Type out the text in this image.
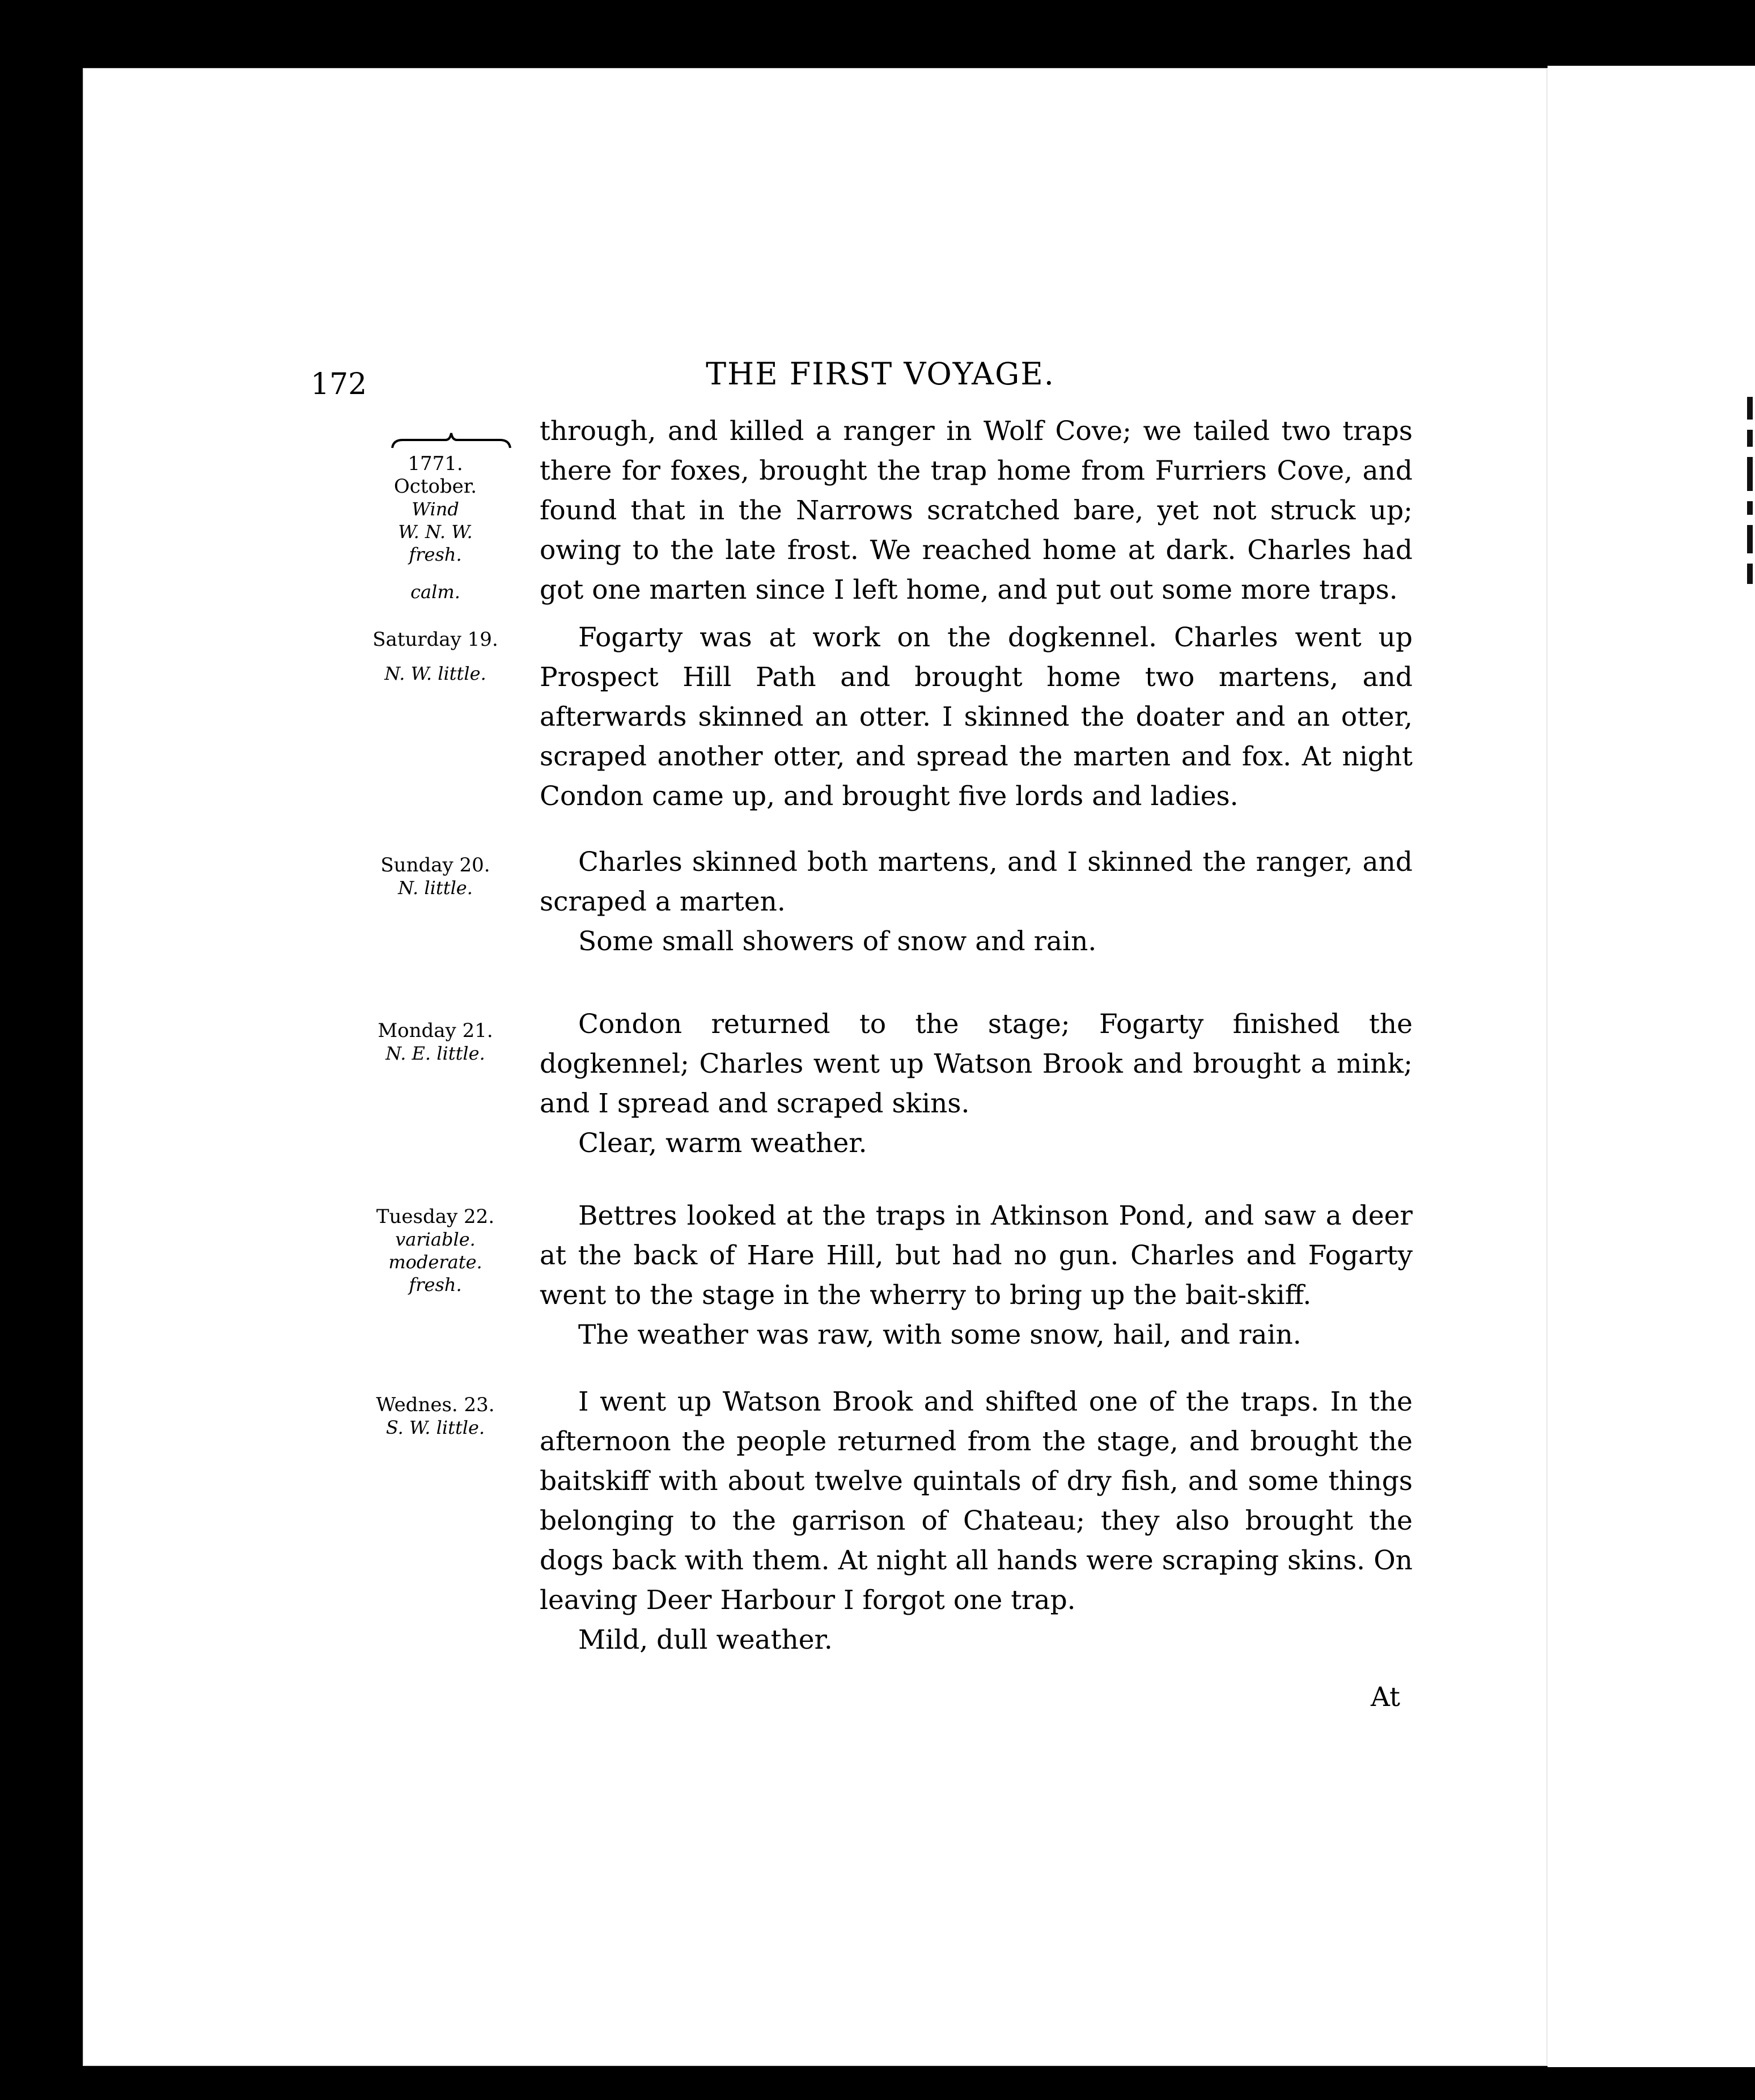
172	THE FIRST VOYAGE.
1771.
October.
Wind
W. N. W.
fresh.
calm.

through, and killed a ranger in Wolf Cove; we tailed two traps there for foxes, brought the trap home from Furriers Cove, and found that in the Narrows scratched bare, yet not struck up; owing to the late frost. We reached home at dark. Charles had got one marten since I left home, and put out some more traps.

Saturday 19.
N. W. little.

Fogarty was at work on the dogkennel. Charles went up Prospect Hill Path and brought home two martens, and afterwards skinned an otter. I skinned the doater and an otter, scraped another otter, and spread the marten and fox. At night Condon came up, and brought five lords and ladies.

Sunday 20.
N. little.

Charles skinned both martens, and I skinned the ranger, and scraped a marten.

Some small showers of snow and rain.

Monday 21.
N. E. little.

Condon returned to the stage; Fogarty finished the dogkennel; Charles went up Watson Brook and brought a mink; and I spread and scraped skins.

Clear, warm weather.

Tuesday 22.
variable.
moderate.
fresh.

Bettres looked at the traps in Atkinson Pond, and saw a deer at the back of Hare Hill, but had no gun. Charles and Fogarty went to the stage in the wherry to bring up the bait-skiff.

The weather was raw, with some snow, hail, and rain.

Wednes. 23.
S. W. little.

I went up Watson Brook and shifted one of the traps. In the afternoon the people returned from the stage, and brought the baitskiff with about twelve quintals of dry fish, and some things belonging to the garrison of Chateau; they also brought the dogs back with them. At night all hands were scraping skins. On leaving Deer Harbour I forgot one trap.

Mild, dull weather.

At
